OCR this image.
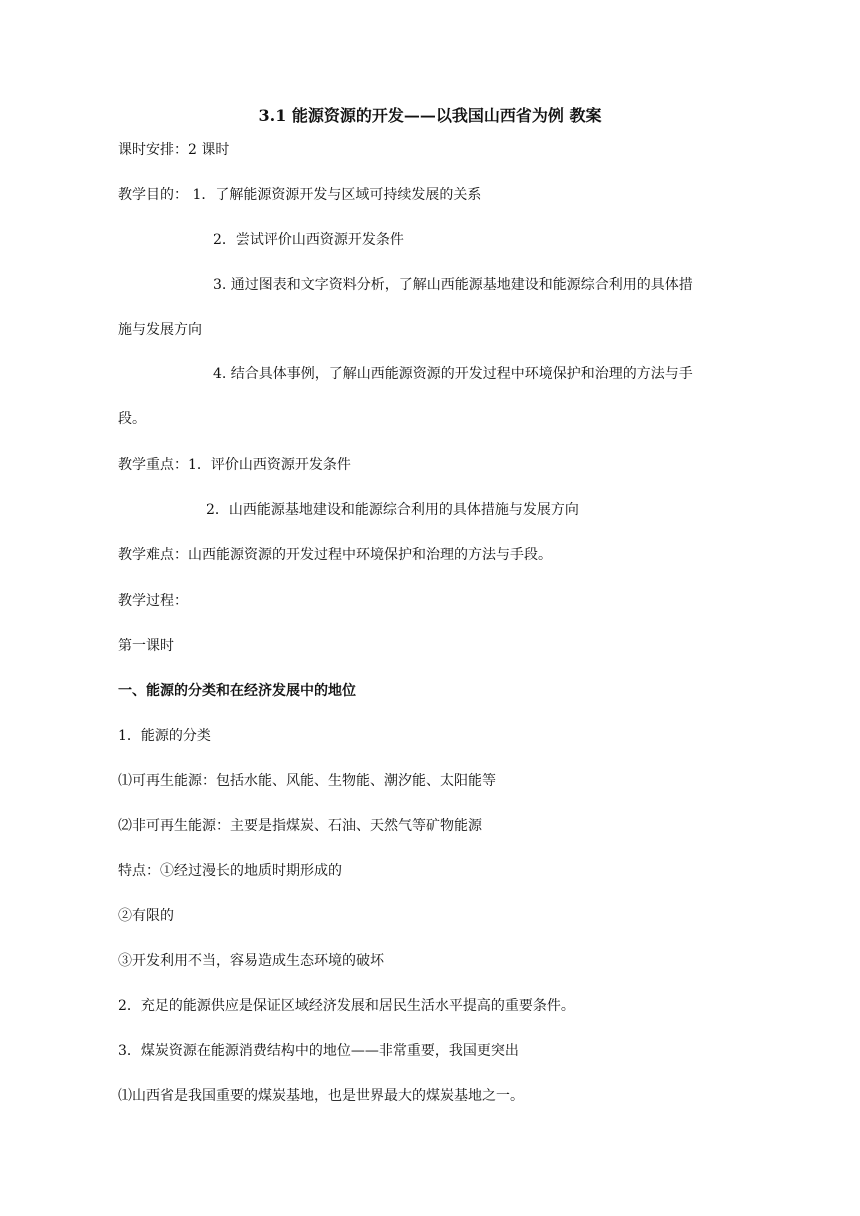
3.1 能源资源的开发——以我国山西省为例 教案
课时安排：2 课时
教学目的： 1．了解能源资源开发与区域可持续发展的关系
2．尝试评价山西资源开发条件
3. 通过图表和文字资料分析，了解山西能源基地建设和能源综合利用的具体措
施与发展方向
4. 结合具体事例，了解山西能源资源的开发过程中环境保护和治理的方法与手
段。
教学重点：1．评价山西资源开发条件
2．山西能源基地建设和能源综合利用的具体措施与发展方向
教学难点：山西能源资源的开发过程中环境保护和治理的方法与手段。
教学过程：
第一课时
一、能源的分类和在经济发展中的地位
1．能源的分类
⑴可再生能源：包括水能、风能、生物能、潮汐能、太阳能等
⑵非可再生能源：主要是指煤炭、石油、天然气等矿物能源
特点：①经过漫长的地质时期形成的
②有限的
③开发利用不当，容易造成生态环境的破坏
2．充足的能源供应是保证区域经济发展和居民生活水平提高的重要条件。
3．煤炭资源在能源消费结构中的地位——非常重要，我国更突出
⑴山西省是我国重要的煤炭基地，也是世界最大的煤炭基地之一。
